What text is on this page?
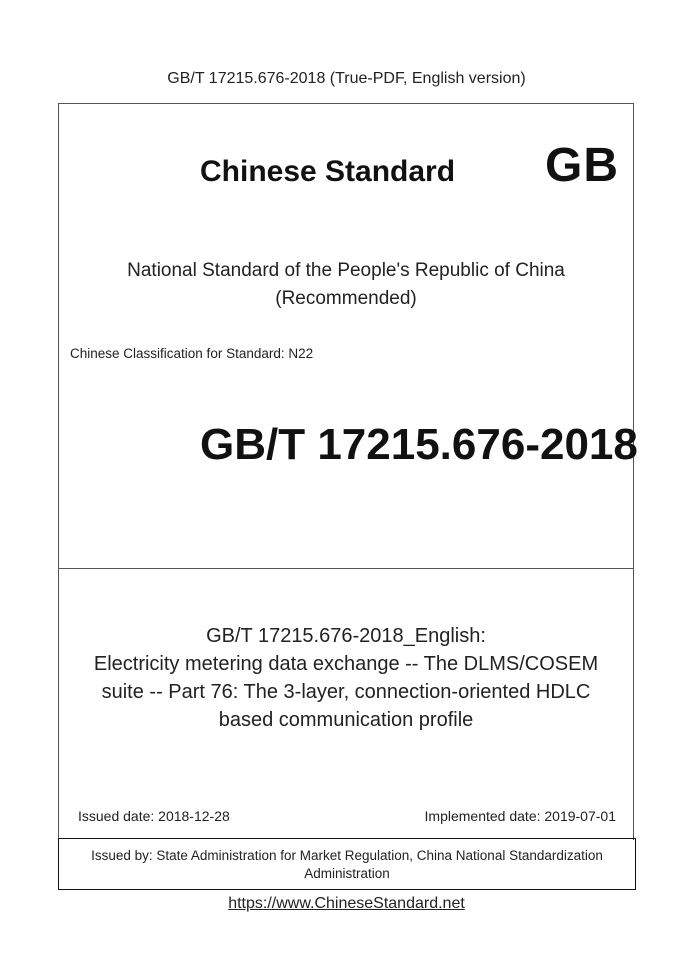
GB/T 17215.676-2018 (True-PDF, English version)
Chinese Standard GB
National Standard of the People's Republic of China
(Recommended)
Chinese Classification for Standard: N22
GB/T 17215.676-2018
GB/T 17215.676-2018_English:
Electricity metering data exchange -- The DLMS/COSEM
suite -- Part 76: The 3-layer, connection-oriented HDLC
based communication profile
Issued date: 2018-12-28	Implemented date: 2019-07-01
Issued by: State Administration for Market Regulation, China National Standardization
Administration
https://www.ChineseStandard.net
